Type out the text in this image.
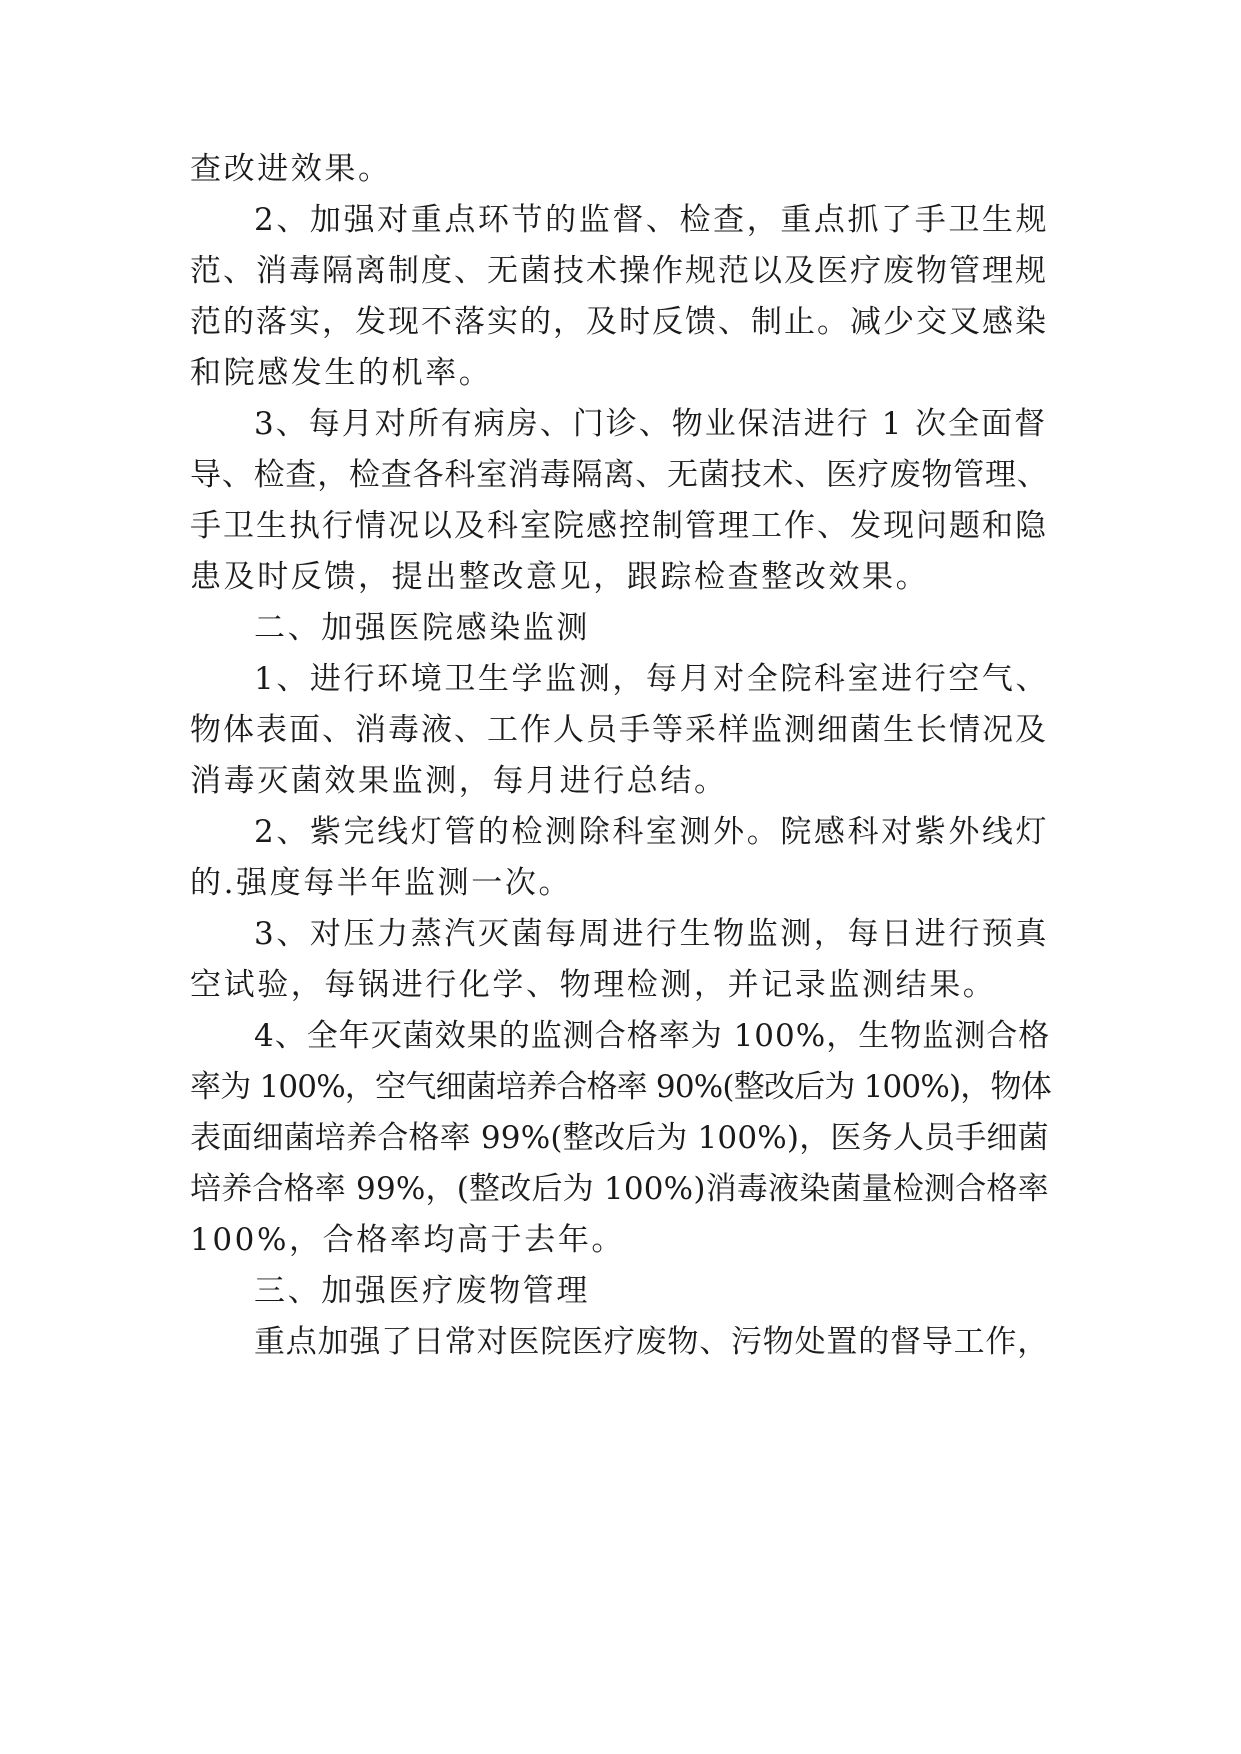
查改进效果。
2、加强对重点环节的监督、检查，重点抓了手卫生规
范、消毒隔离制度、无菌技术操作规范以及医疗废物管理规
范的落实，发现不落实的，及时反馈、制止。减少交叉感染
和院感发生的机率。
3、每月对所有病房、门诊、物业保洁进行 1 次全面督
导、检查，检查各科室消毒隔离、无菌技术、医疗废物管理、
手卫生执行情况以及科室院感控制管理工作、发现问题和隐
患及时反馈，提出整改意见，跟踪检查整改效果。
二、加强医院感染监测
1、进行环境卫生学监测，每月对全院科室进行空气、
物体表面、消毒液、工作人员手等采样监测细菌生长情况及
消毒灭菌效果监测，每月进行总结。
2、紫完线灯管的检测除科室测外。院感科对紫外线灯
的.强度每半年监测一次。
3、对压力蒸汽灭菌每周进行生物监测，每日进行预真
空试验，每锅进行化学、物理检测，并记录监测结果。
4、全年灭菌效果的监测合格率为 100%，生物监测合格
率为 100%，空气细菌培养合格率 90%(整改后为 100%)，物体
表面细菌培养合格率 99%(整改后为 100%)，医务人员手细菌
培养合格率 99%，(整改后为 100%)消毒液染菌量检测合格率
100%，合格率均高于去年。
三、加强医疗废物管理
重点加强了日常对医院医疗废物、污物处置的督导工作，
